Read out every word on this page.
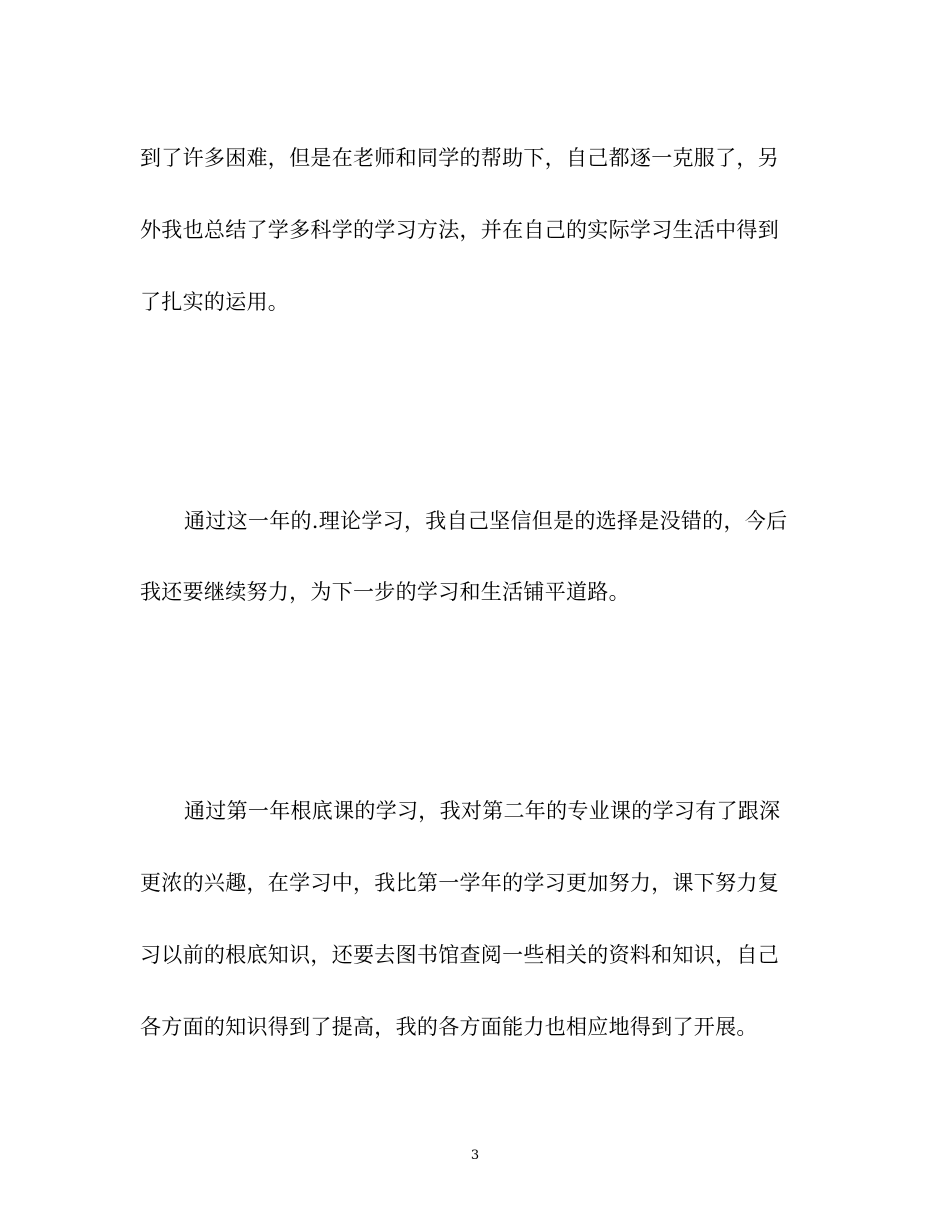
到了许多困难，但是在老师和同学的帮助下，自己都逐一克服了，另
外我也总结了学多科学的学习方法，并在自己的实际学习生活中得到
了扎实的运用。
通过这一年的.理论学习，我自己坚信但是的选择是没错的，今后
我还要继续努力，为下一步的学习和生活铺平道路。
通过第一年根底课的学习，我对第二年的专业课的学习有了跟深
更浓的兴趣，在学习中，我比第一学年的学习更加努力，课下努力复
习以前的根底知识，还要去图书馆查阅一些相关的资料和知识，自己
各方面的知识得到了提高，我的各方面能力也相应地得到了开展。
3
